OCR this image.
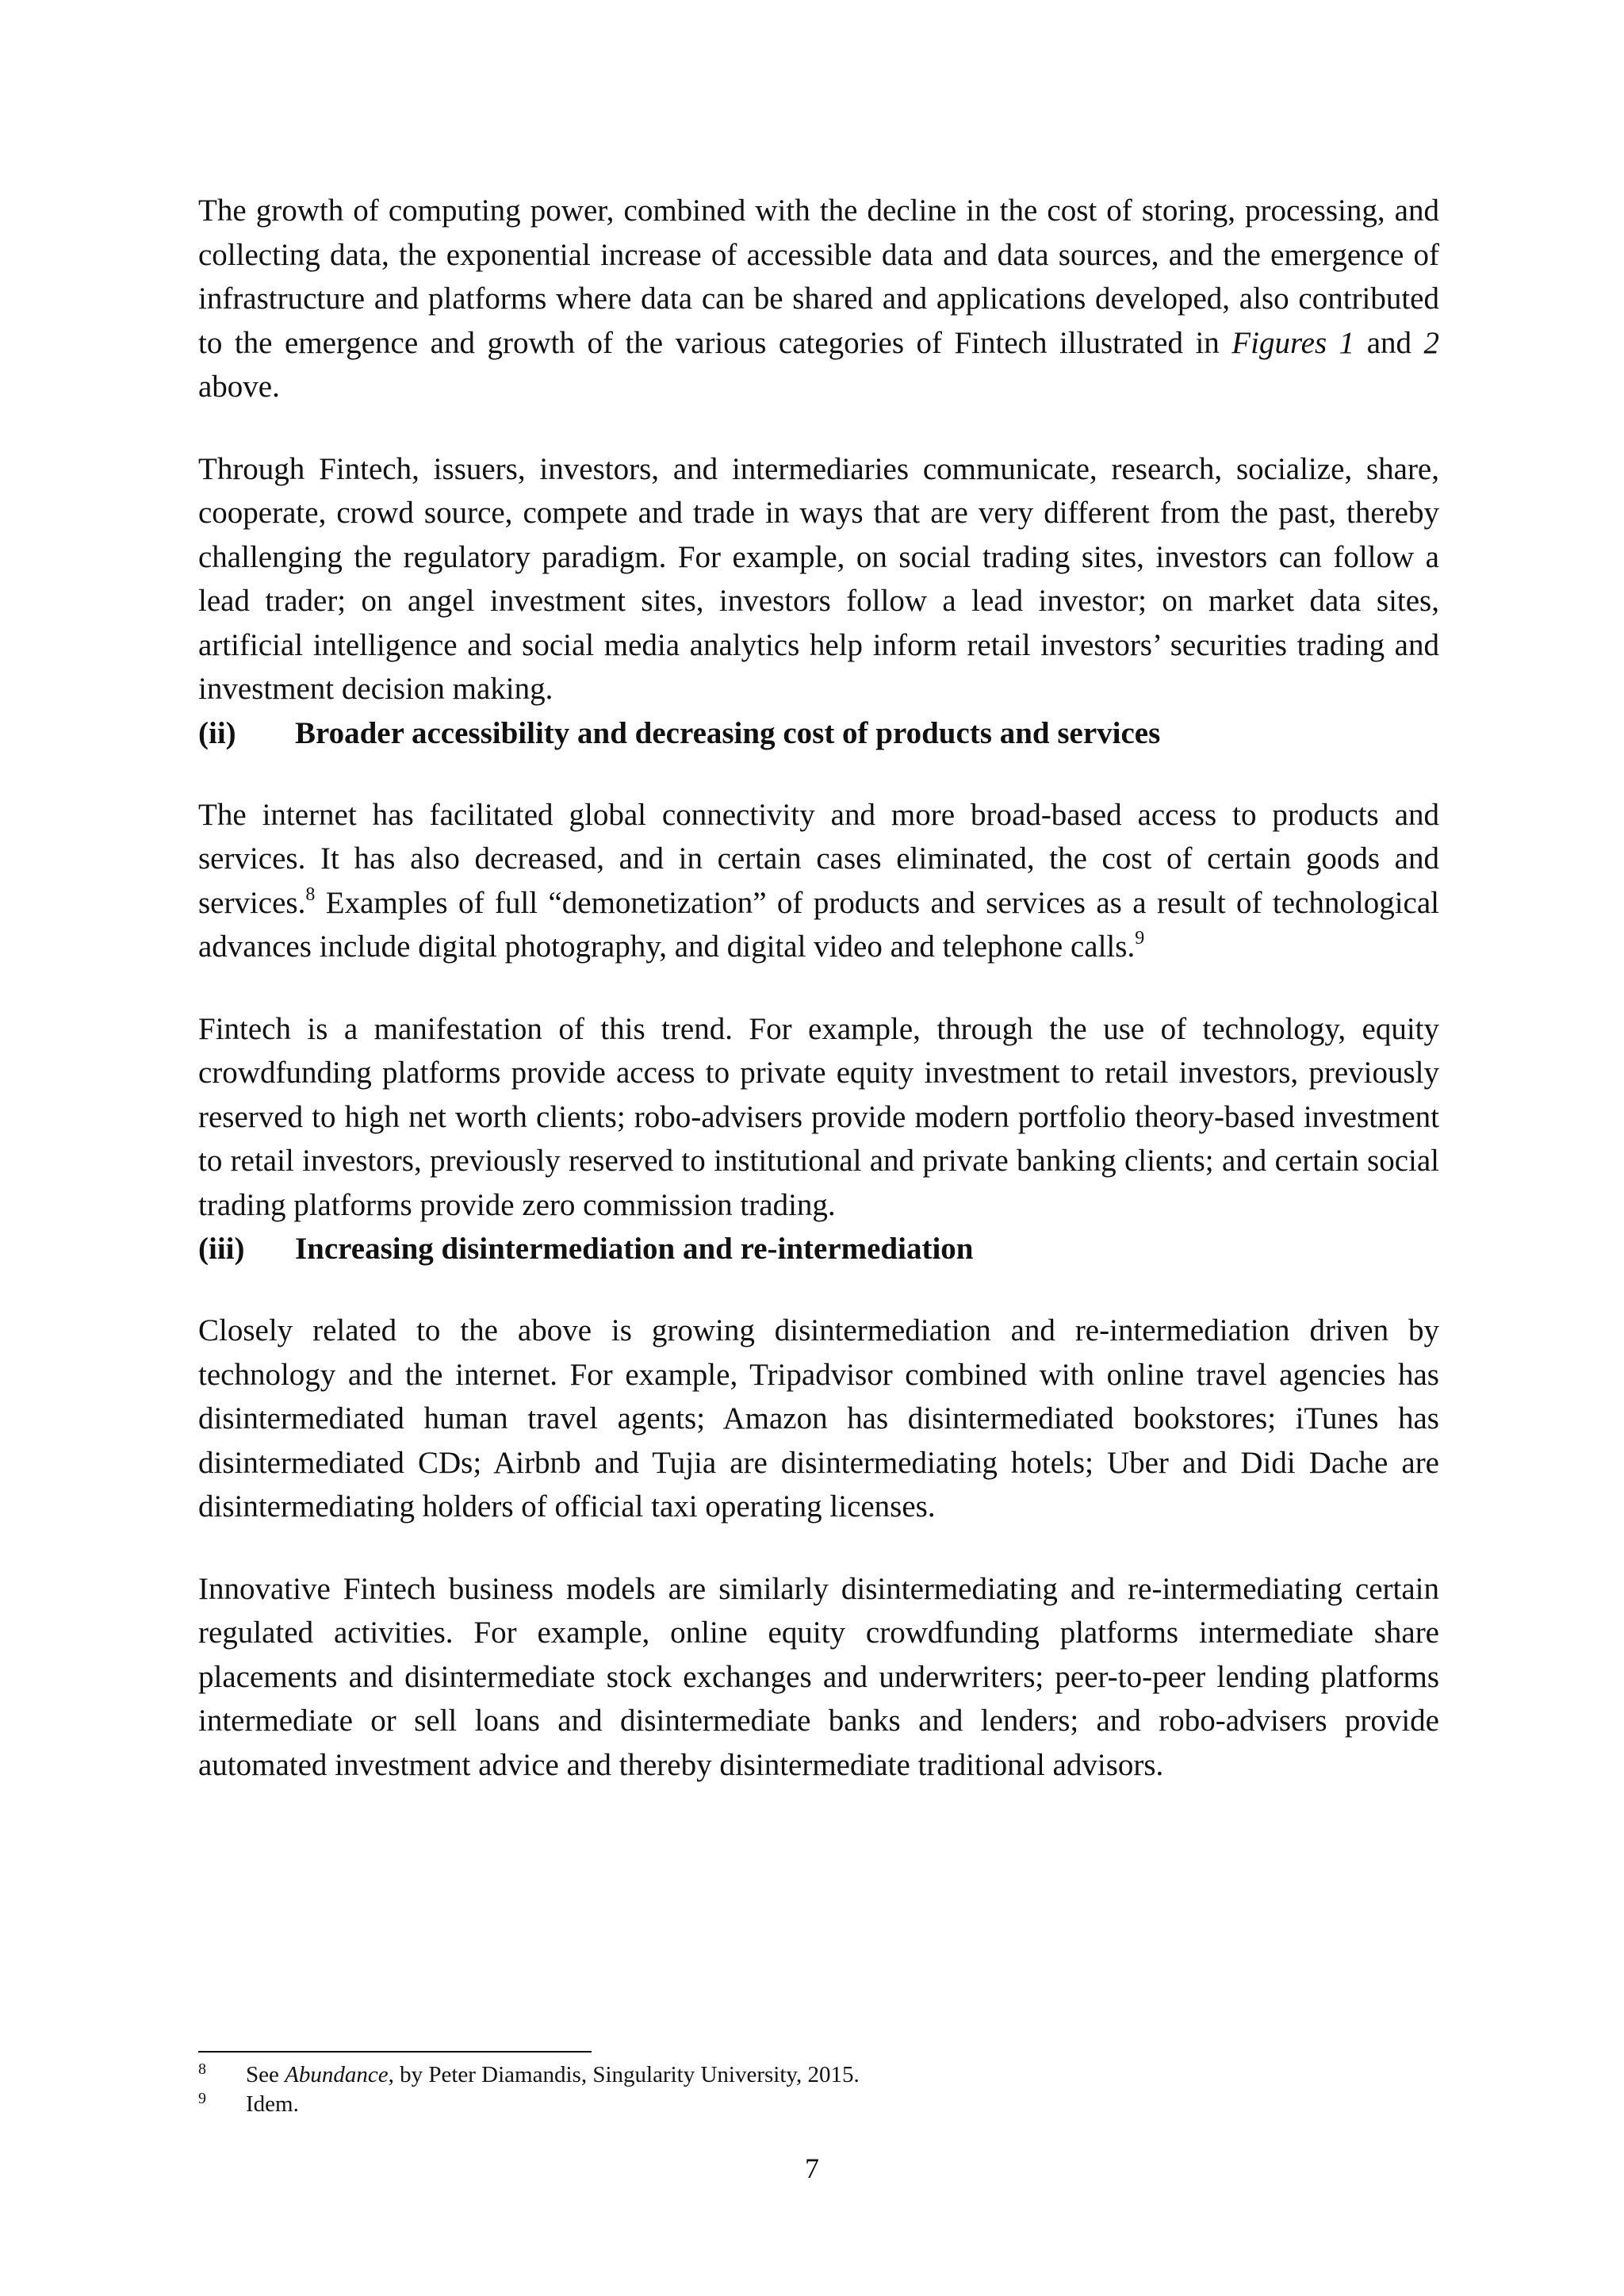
The growth of computing power, combined with the decline in the cost of storing, processing, and collecting data, the exponential increase of accessible data and data sources, and the emergence of infrastructure and platforms where data can be shared and applications developed, also contributed to the emergence and growth of the various categories of Fintech illustrated in Figures 1 and 2 above.

Through Fintech, issuers, investors, and intermediaries communicate, research, socialize, share, cooperate, crowd source, compete and trade in ways that are very different from the past, thereby challenging the regulatory paradigm. For example, on social trading sites, investors can follow a lead trader; on angel investment sites, investors follow a lead investor; on market data sites, artificial intelligence and social media analytics help inform retail investors’ securities trading and investment decision making.

(ii)	Broader accessibility and decreasing cost of products and services

The internet has facilitated global connectivity and more broad-based access to products and services. It has also decreased, and in certain cases eliminated, the cost of certain goods and services.$^8$ Examples of full “demonetization” of products and services as a result of technological advances include digital photography, and digital video and telephone calls.$^9$

Fintech is a manifestation of this trend. For example, through the use of technology, equity crowdfunding platforms provide access to private equity investment to retail investors, previously reserved to high net worth clients; robo-advisers provide modern portfolio theory-based investment to retail investors, previously reserved to institutional and private banking clients; and certain social trading platforms provide zero commission trading.

(iii)	Increasing disintermediation and re-intermediation

Closely related to the above is growing disintermediation and re-intermediation driven by technology and the internet. For example, Tripadvisor combined with online travel agencies has disintermediated human travel agents; Amazon has disintermediated bookstores; iTunes has disintermediated CDs; Airbnb and Tujia are disintermediating hotels; Uber and Didi Dache are disintermediating holders of official taxi operating licenses.

Innovative Fintech business models are similarly disintermediating and re-intermediating certain regulated activities. For example, online equity crowdfunding platforms intermediate share placements and disintermediate stock exchanges and underwriters; peer-to-peer lending platforms intermediate or sell loans and disintermediate banks and lenders; and robo-advisers provide automated investment advice and thereby disintermediate traditional advisors.

8	See Abundance, by Peter Diamandis, Singularity University, 2015.

9	Idem.

7
